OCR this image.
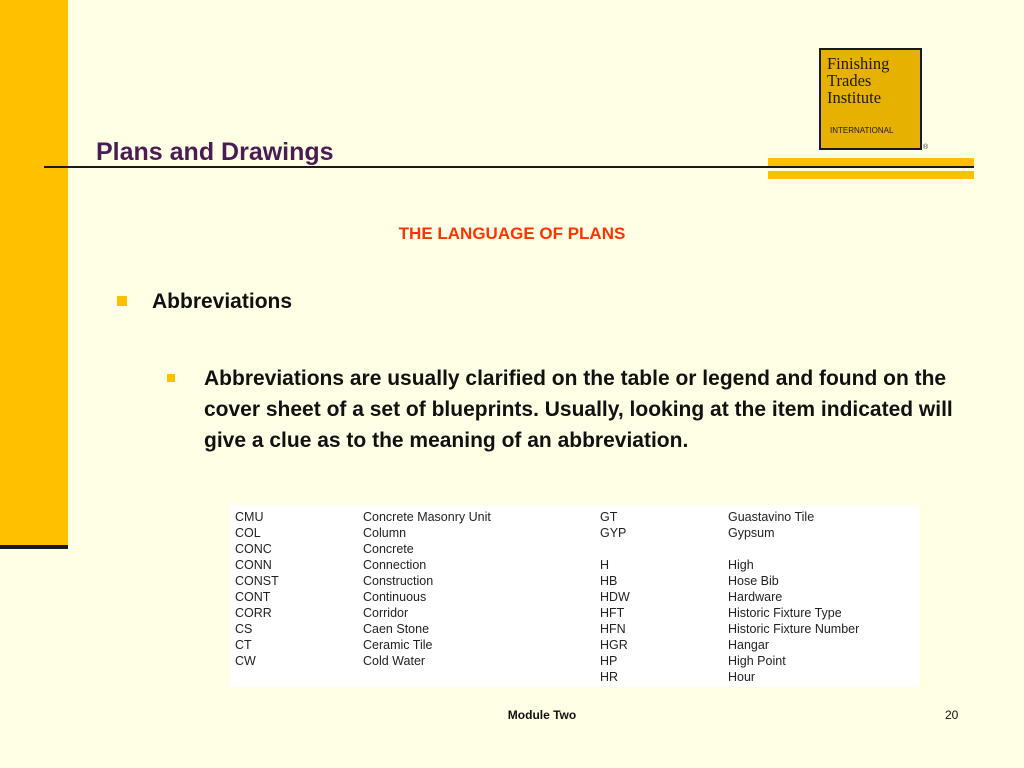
Finishing
Trades
Institute
INTERNATIONAL
®
Plans and Drawings
THE LANGUAGE OF PLANS
Abbreviations
Abbreviations are usually clarified on the table or legend and found on the cover sheet of a set of blueprints. Usually, looking at the item indicated will give a clue as to the meaning of an abbreviation.
CMU	Concrete Masonry Unit	GT	Guastavino Tile
COL	Column	GYP	Gypsum
CONC	Concrete		
CONN	Connection	H	High
CONST	Construction	HB	Hose Bib
CONT	Continuous	HDW	Hardware
CORR	Corridor	HFT	Historic Fixture Type
CS	Caen Stone	HFN	Historic Fixture Number
CT	Ceramic Tile	HGR	Hangar
CW	Cold Water	HP	High Point
		HR	Hour
Module Two	20
